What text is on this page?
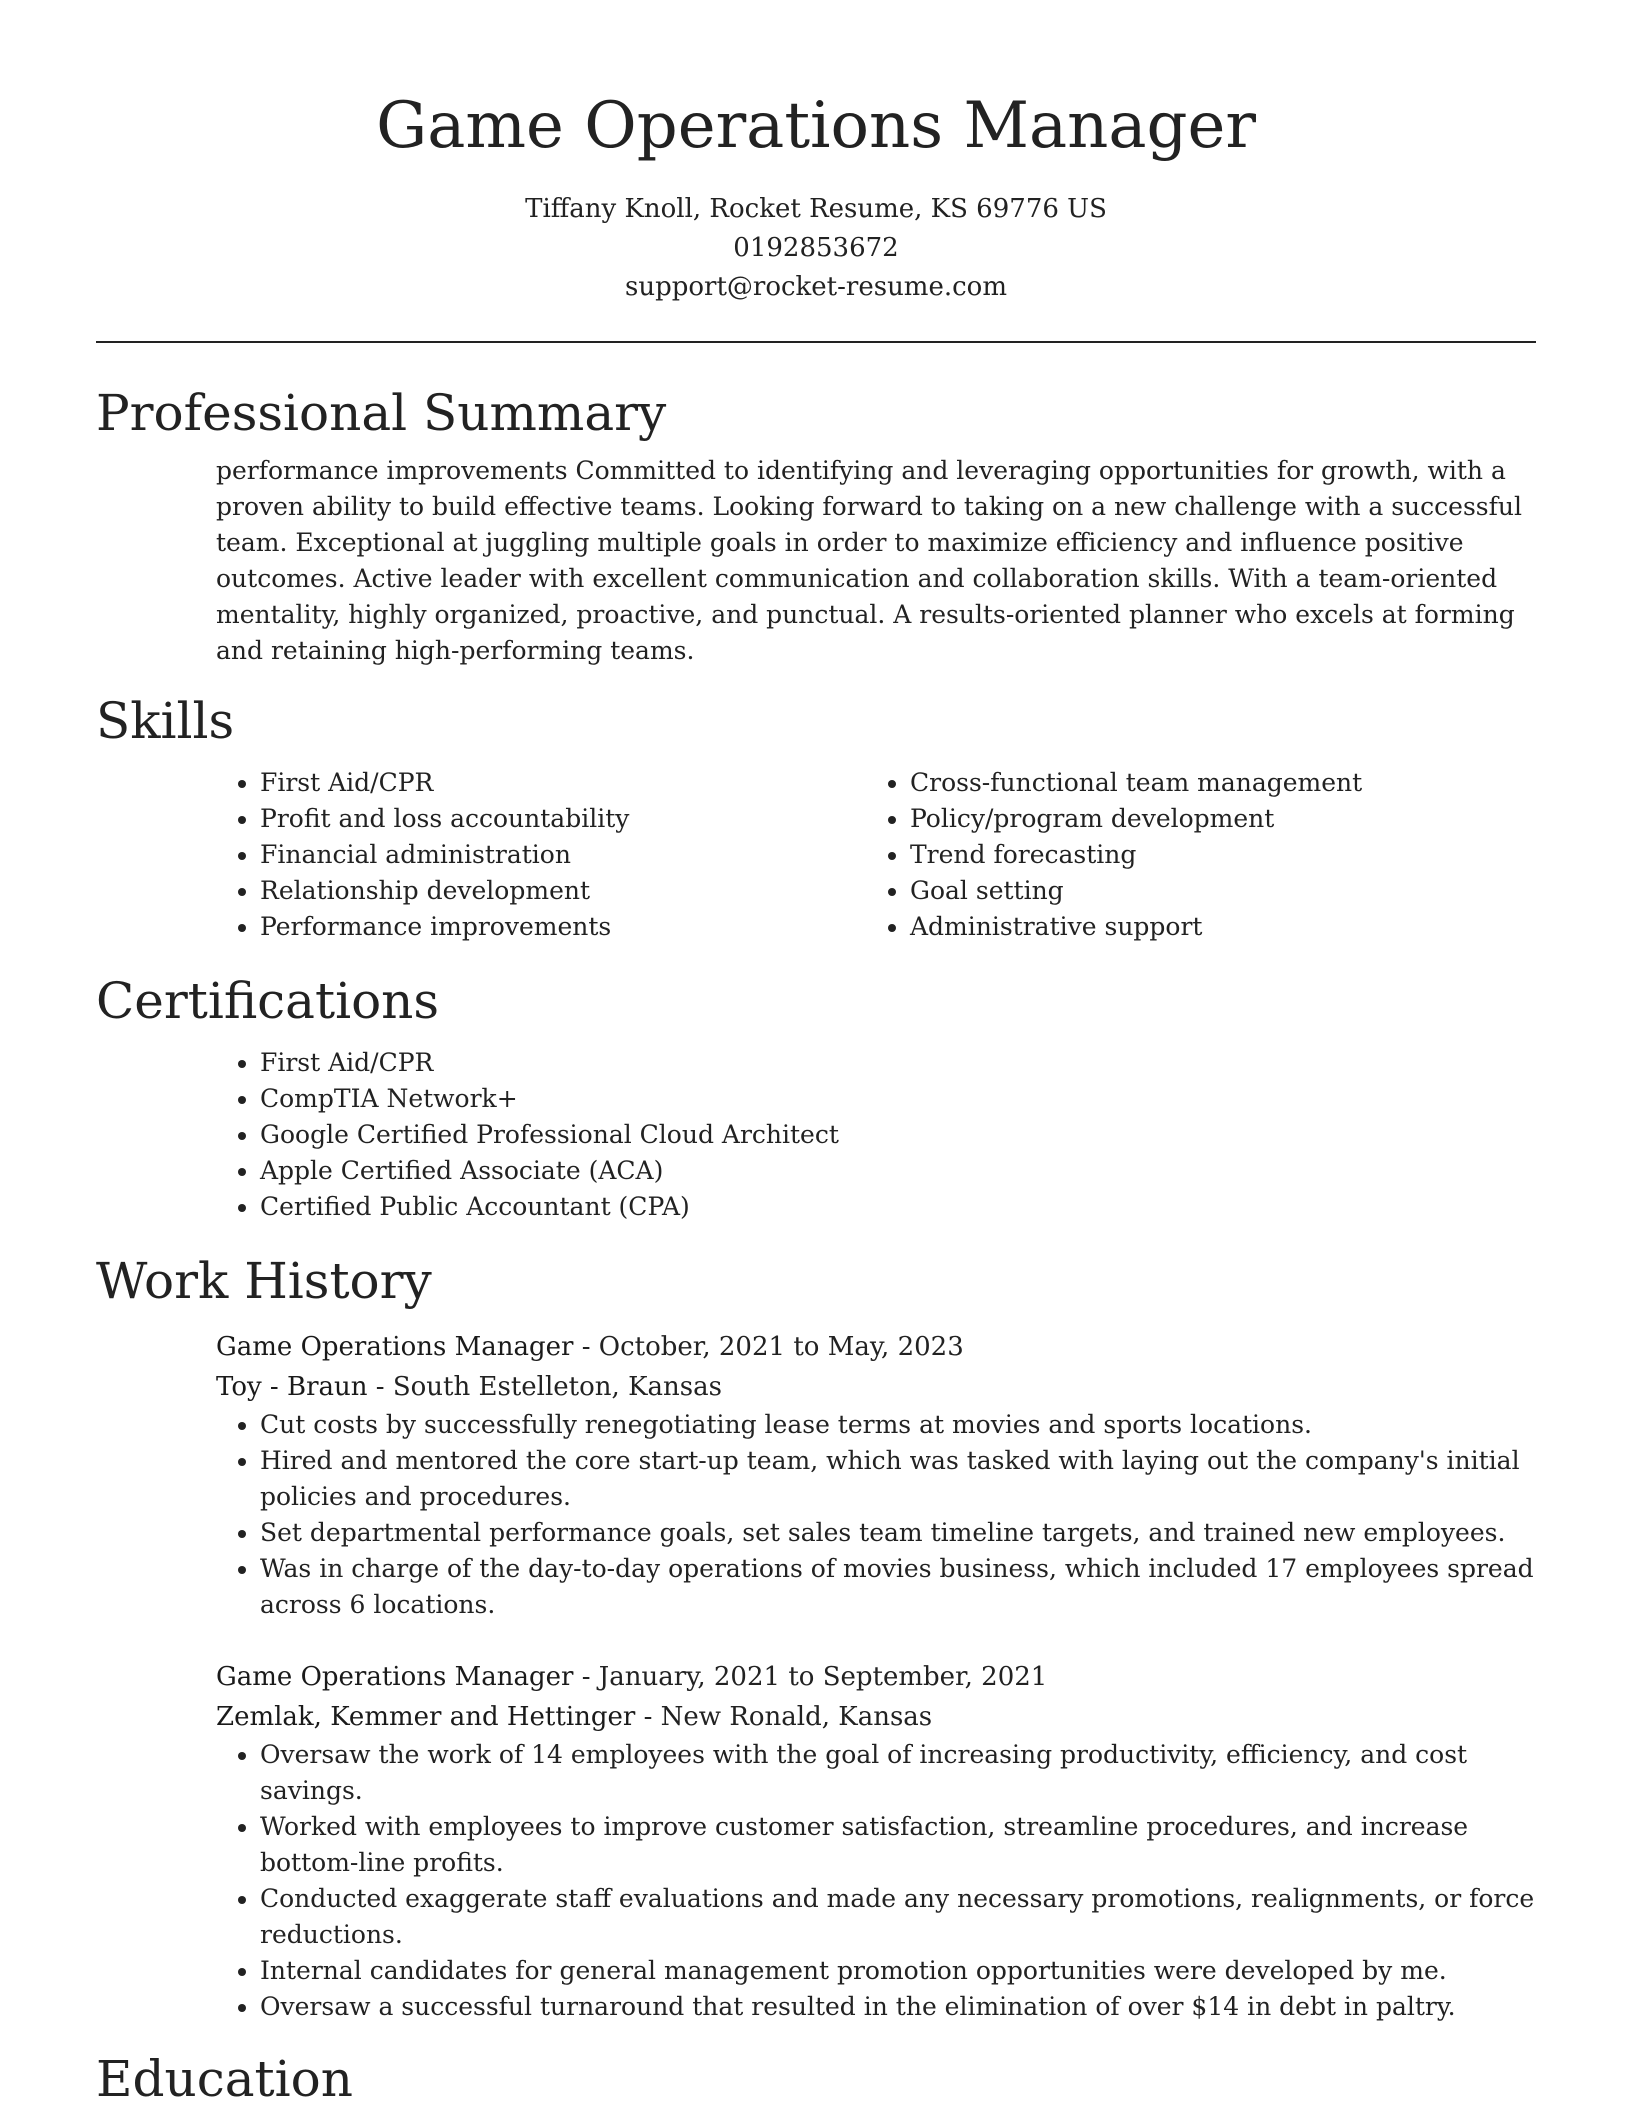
Game Operations Manager
Tiffany Knoll, Rocket Resume, KS 69776 US
0192853672
support@rocket-resume.com
Professional Summary
performance improvements Committed to identifying and leveraging opportunities for growth, with a proven ability to build effective teams. Looking forward to taking on a new challenge with a successful team. Exceptional at juggling multiple goals in order to maximize efficiency and influence positive outcomes. Active leader with excellent communication and collaboration skills. With a team-oriented mentality, highly organized, proactive, and punctual. A results-oriented planner who excels at forming and retaining high-performing teams.
Skills
• First Aid/CPR
• Profit and loss accountability
• Financial administration
• Relationship development
• Performance improvements
• Cross-functional team management
• Policy/program development
• Trend forecasting
• Goal setting
• Administrative support
Certifications
• First Aid/CPR
• CompTIA Network+
• Google Certified Professional Cloud Architect
• Apple Certified Associate (ACA)
• Certified Public Accountant (CPA)
Work History
Game Operations Manager - October, 2021 to May, 2023
Toy - Braun - South Estelleton, Kansas
• Cut costs by successfully renegotiating lease terms at movies and sports locations.
• Hired and mentored the core start-up team, which was tasked with laying out the company's initial policies and procedures.
• Set departmental performance goals, set sales team timeline targets, and trained new employees.
• Was in charge of the day-to-day operations of movies business, which included 17 employees spread across 6 locations.
Game Operations Manager - January, 2021 to September, 2021
Zemlak, Kemmer and Hettinger - New Ronald, Kansas
• Oversaw the work of 14 employees with the goal of increasing productivity, efficiency, and cost savings.
• Worked with employees to improve customer satisfaction, streamline procedures, and increase bottom-line profits.
• Conducted exaggerate staff evaluations and made any necessary promotions, realignments, or force reductions.
• Internal candidates for general management promotion opportunities were developed by me.
• Oversaw a successful turnaround that resulted in the elimination of over $14 in debt in paltry.
Education
